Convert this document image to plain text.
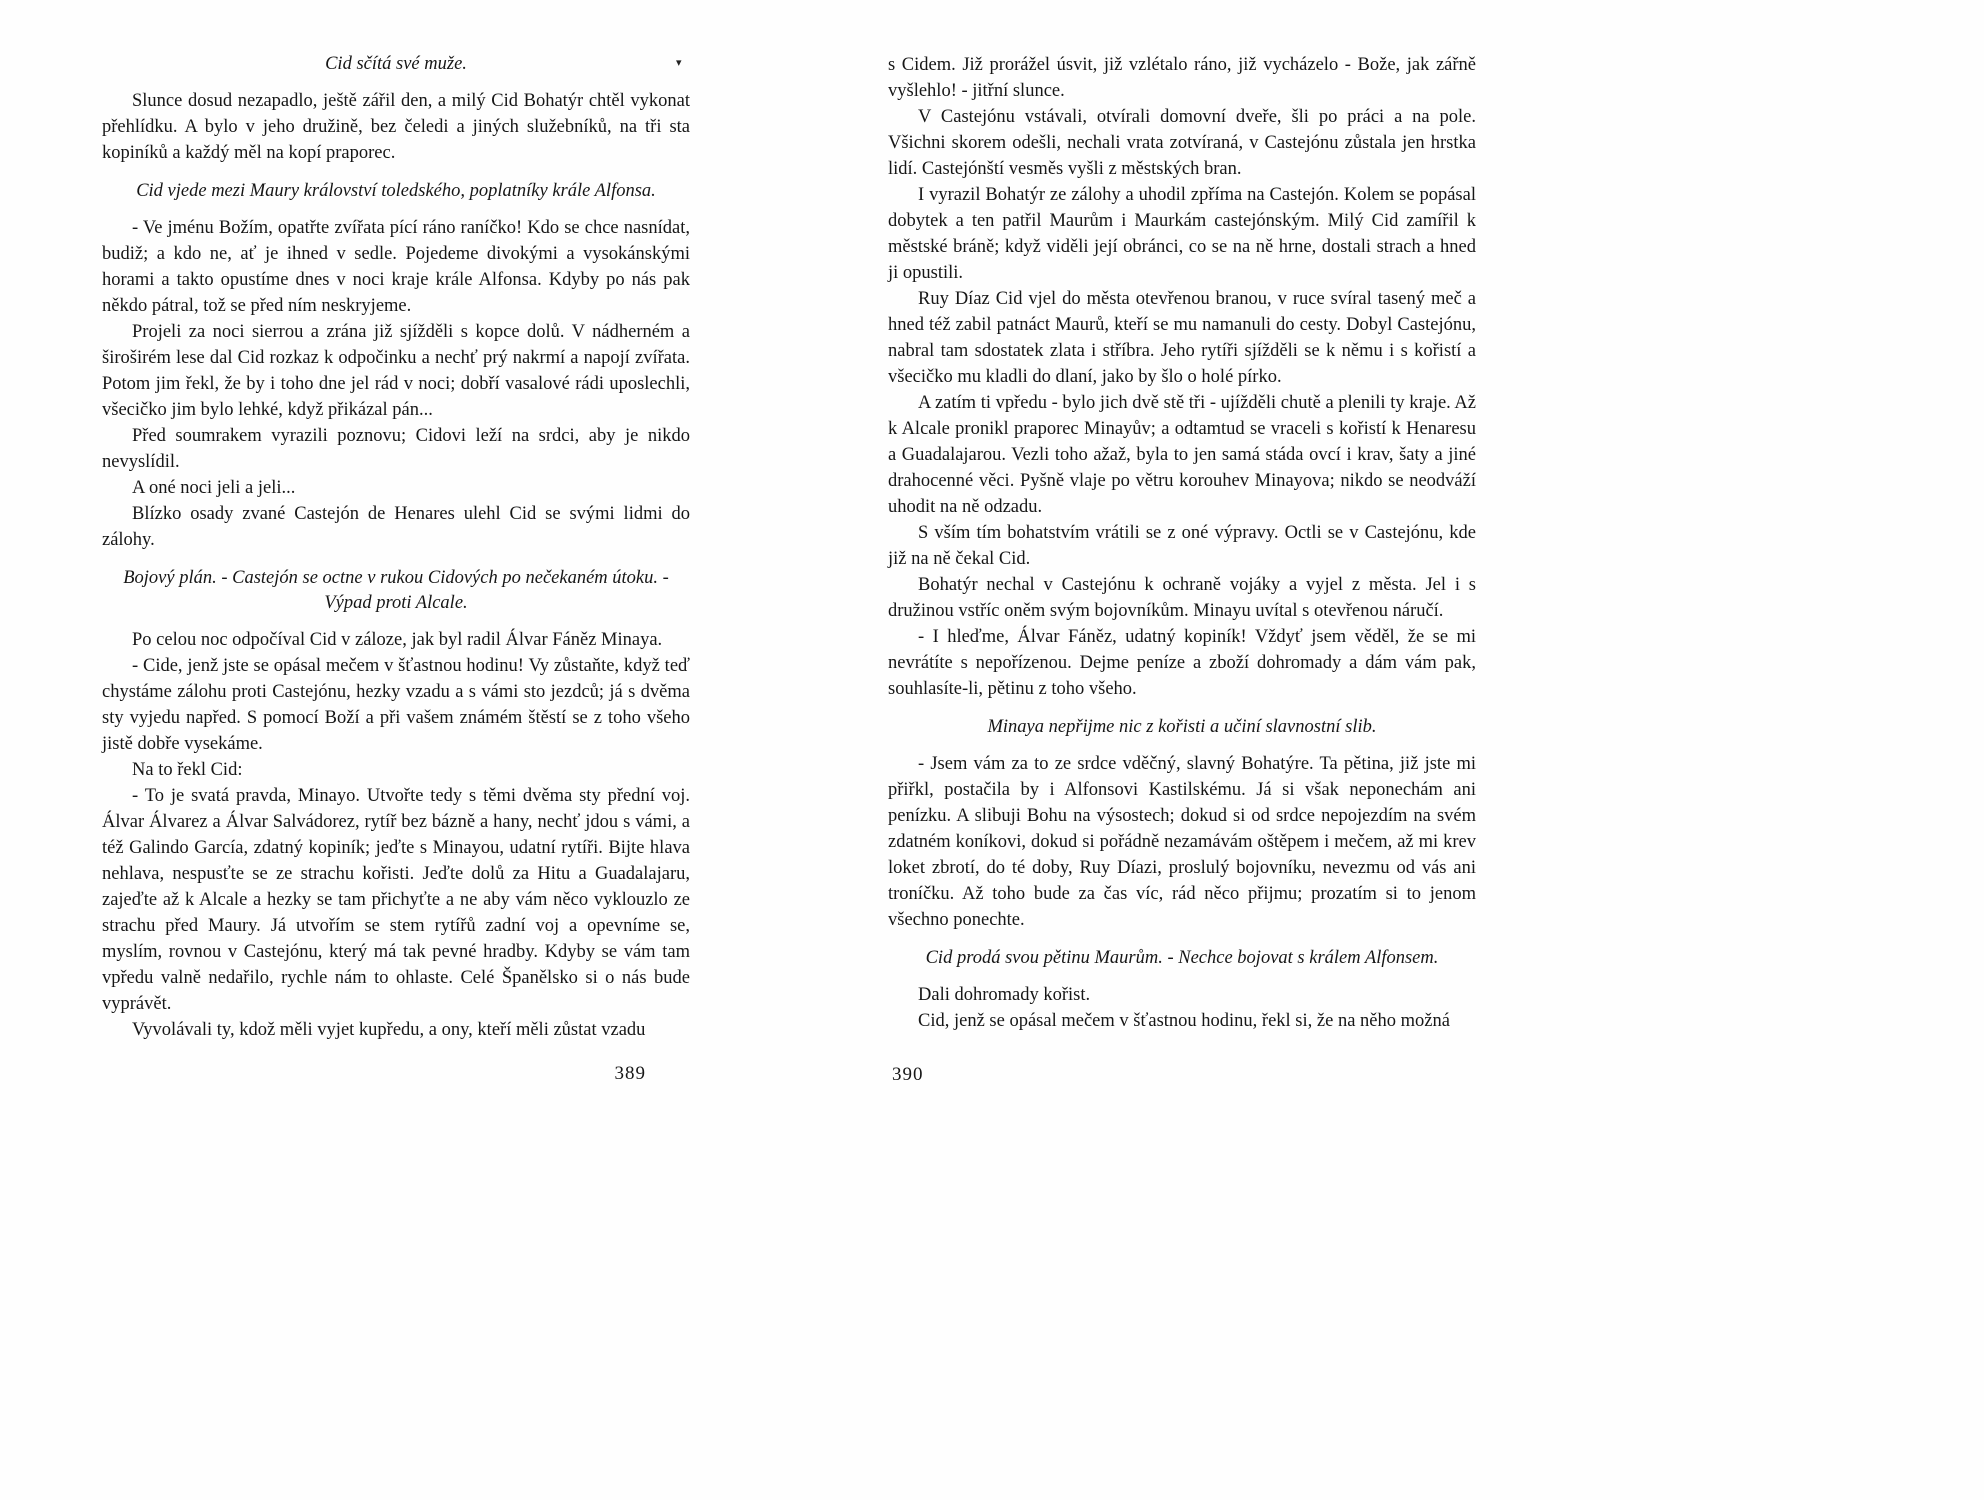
▾
Cid sčítá své muže.

Slunce dosud nezapadlo, ještě zářil den, a milý Cid Bohatýr chtěl vykonat přehlídku. A bylo v jeho družině, bez čeledi a jiných služebníků, na tři sta kopiníků a každý měl na kopí praporec.

Cid vjede mezi Maury království toledského, poplatníky krále Alfonsa.

- Ve jménu Božím, opatřte zvířata pící ráno raníčko! Kdo se chce nasnídat, budiž; a kdo ne, ať je ihned v sedle. Pojedeme divokými a vysokánskými horami a takto opustíme dnes v noci kraje krále Alfonsa. Kdyby po nás pak někdo pátral, tož se před ním neskryjeme.

Projeli za noci sierrou a zrána již sjížděli s kopce dolů. V nádherném a široširém lese dal Cid rozkaz k odpočinku a nechť prý nakrmí a napojí zvířata. Potom jim řekl, že by i toho dne jel rád v noci; dobří vasalové rádi uposlechli, všecičko jim bylo lehké, když přikázal pán...

Před soumrakem vyrazili poznovu; Cidovi leží na srdci, aby je nikdo nevyslídil.

A oné noci jeli a jeli...

Blízko osady zvané Castejón de Henares ulehl Cid se svými lidmi do zálohy.

Bojový plán. - Castejón se octne v rukou Cidových po nečekaném útoku. - Výpad proti Alcale.

Po celou noc odpočíval Cid v záloze, jak byl radil Álvar Fáněz Minaya.

- Cide, jenž jste se opásal mečem v šťastnou hodinu! Vy zůstaňte, když teď chystáme zálohu proti Castejónu, hezky vzadu a s vámi sto jezdců; já s dvěma sty vyjedu napřed. S pomocí Boží a při vašem známém štěstí se z toho všeho jistě dobře vysekáme.

Na to řekl Cid:

- To je svatá pravda, Minayo. Utvořte tedy s těmi dvěma sty přední voj. Álvar Álvarez a Álvar Salvádorez, rytíř bez bázně a hany, nechť jdou s vámi, a též Galindo García, zdatný kopiník; jeďte s Minayou, udatní rytíři. Bijte hlava nehlava, nespusťte se ze strachu kořisti. Jeďte dolů za Hitu a Guadalajaru, zajeďte až k Alcale a hezky se tam přichyťte a ne aby vám něco vyklouzlo ze strachu před Maury. Já utvořím se stem rytířů zadní voj a opevníme se, myslím, rovnou v Castejónu, který má tak pevné hradby. Kdyby se vám tam vpředu valně nedařilo, rychle nám to ohlaste. Celé Španělsko si o nás bude vyprávět.

Vyvolávali ty, kdož měli vyjet kupředu, a ony, kteří měli zůstat vzadu

389

s Cidem. Již prorážel úsvit, již vzlétalo ráno, již vycházelo - Bože, jak zářně vyšlehlo! - jitřní slunce.

V Castejónu vstávali, otvírali domovní dveře, šli po práci a na pole. Všichni skorem odešli, nechali vrata zotvíraná, v Castejónu zůstala jen hrstka lidí. Castejónští vesměs vyšli z městských bran.

I vyrazil Bohatýr ze zálohy a uhodil zpříma na Castejón. Kolem se popásal dobytek a ten patřil Maurům i Maurkám castejónským. Milý Cid zamířil k městské bráně; když viděli její obránci, co se na ně hrne, dostali strach a hned ji opustili.

Ruy Díaz Cid vjel do města otevřenou branou, v ruce svíral tasený meč a hned též zabil patnáct Maurů, kteří se mu namanuli do cesty. Dobyl Castejónu, nabral tam sdostatek zlata i stříbra. Jeho rytíři sjížděli se k němu i s kořistí a všecičko mu kladli do dlaní, jako by šlo o holé pírko.

A zatím ti vpředu - bylo jich dvě stě tři - ujížděli chutě a plenili ty kraje. Až k Alcale pronikl praporec Minayův; a odtamtud se vraceli s kořistí k Henaresu a Guadalajarou. Vezli toho ažaž, byla to jen samá stáda ovcí i krav, šaty a jiné drahocenné věci. Pyšně vlaje po větru korouhev Minayova; nikdo se neodváží uhodit na ně odzadu.

S vším tím bohatstvím vrátili se z oné výpravy. Octli se v Castejónu, kde již na ně čekal Cid.

Bohatýr nechal v Castejónu k ochraně vojáky a vyjel z města. Jel i s družinou vstříc oněm svým bojovníkům. Minayu uvítal s otevřenou náručí.

- I hleďme, Álvar Fáněz, udatný kopiník! Vždyť jsem věděl, že se mi nevrátíte s nepořízenou. Dejme peníze a zboží dohromady a dám vám pak, souhlasíte-li, pětinu z toho všeho.

Minaya nepřijme nic z kořisti a učiní slavnostní slib.

- Jsem vám za to ze srdce vděčný, slavný Bohatýre. Ta pětina, již jste mi přiřkl, postačila by i Alfonsovi Kastilskému. Já si však neponechám ani penízku. A slibuji Bohu na výsostech; dokud si od srdce nepojezdím na svém zdatném koníkovi, dokud si pořádně nezamávám oštěpem i mečem, až mi krev loket zbrotí, do té doby, Ruy Díazi, proslulý bojovníku, nevezmu od vás ani troníčku. Až toho bude za čas víc, rád něco přijmu; prozatím si to jenom všechno ponechte.

Cid prodá svou pětinu Maurům. - Nechce bojovat s králem Alfonsem.

Dali dohromady kořist.

Cid, jenž se opásal mečem v šťastnou hodinu, řekl si, že na něho možná

390
